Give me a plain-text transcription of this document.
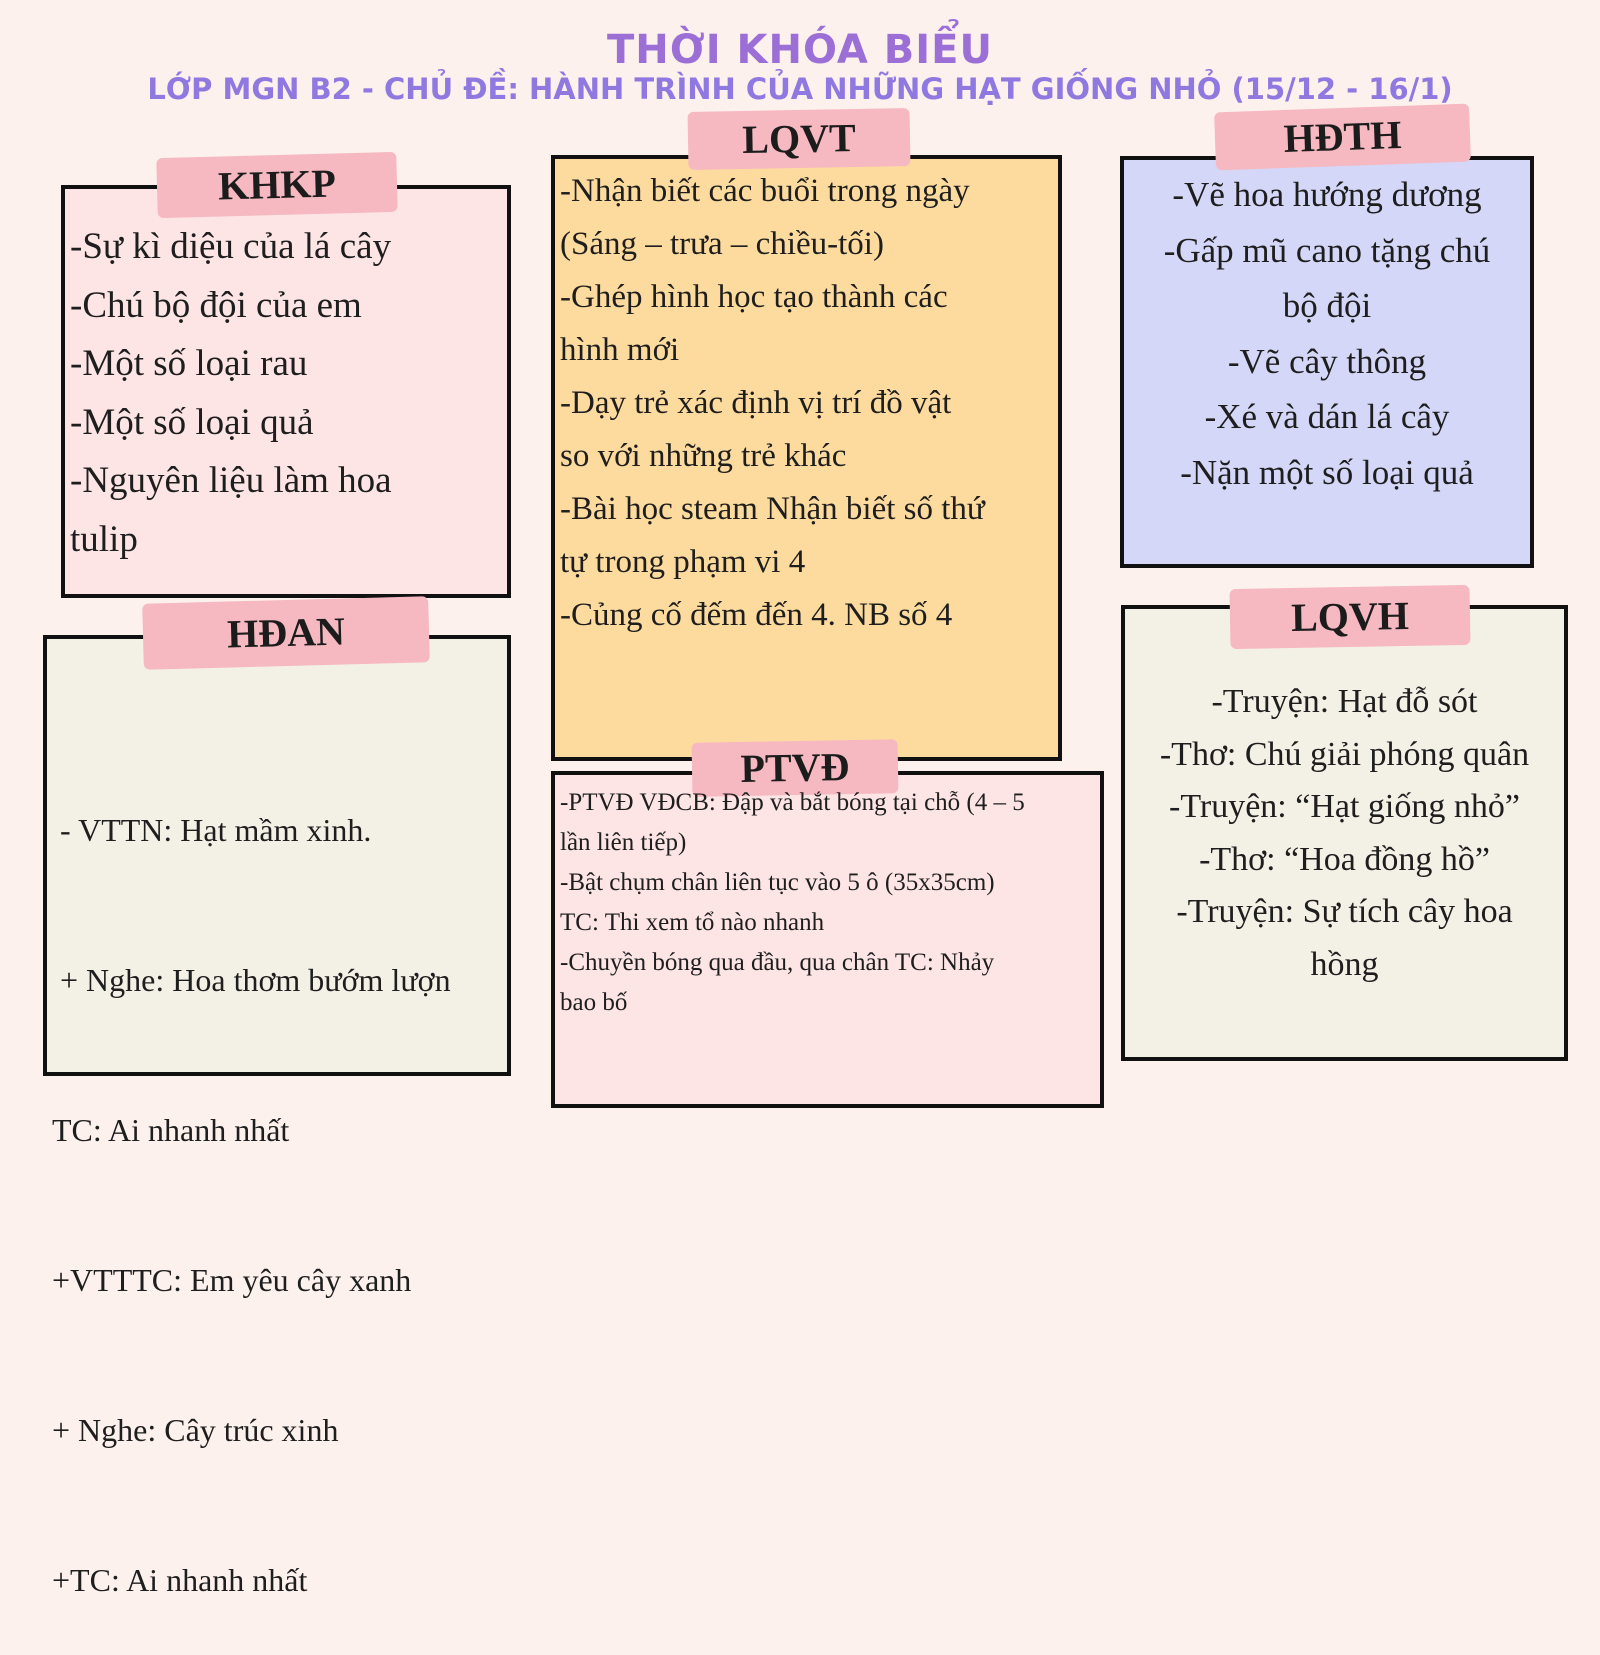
THỜI KHÓA BIỂU
LỚP MGN B2 - CHỦ ĐỀ: HÀNH TRÌNH CỦA NHỮNG HẠT GIỐNG NHỎ (15/12 - 16/1)
KHKP

-Sự kì diệu của lá cây

-Chú bộ đội của em

-Một số loại rau

-Một số loại quả

-Nguyên liệu làm hoa

tulip

LQVT

-Nhận biết các buổi trong ngày

(Sáng – trưa – chiều-tối)

-Ghép hình học tạo thành các

hình mới

-Dạy trẻ xác định vị trí đồ vật

so với những trẻ khác

-Bài học steam Nhận biết số thứ

tự trong phạm vi 4

-Củng cố đếm đến 4. NB số 4

HĐTH

-Vẽ hoa hướng dương

-Gấp mũ cano tặng chú

bộ đội

-Vẽ cây thông

-Xé và dán lá cây

-Nặn một số loại quả

HĐAN

- VTTN: Hạt mầm xinh.

+ Nghe: Hoa thơm bướm lượn

TC: Ai nhanh nhất

+VTTTC: Em yêu cây xanh

+ Nghe: Cây trúc xinh

+TC: Ai nhanh nhất

PTVĐ

-PTVĐ VĐCB: Đập và bắt bóng tại chỗ (4 – 5

lần liên tiếp)

-Bật chụm chân liên tục vào 5 ô (35x35cm)

TC: Thi xem tổ nào nhanh

-Chuyền bóng qua đầu, qua chân TC: Nhảy

bao bố

LQVH

-Truyện: Hạt đỗ sót

-Thơ: Chú giải phóng quân

-Truyện: “Hạt giống nhỏ”

-Thơ: “Hoa đồng hồ”

-Truyện: Sự tích cây hoa

hồng
